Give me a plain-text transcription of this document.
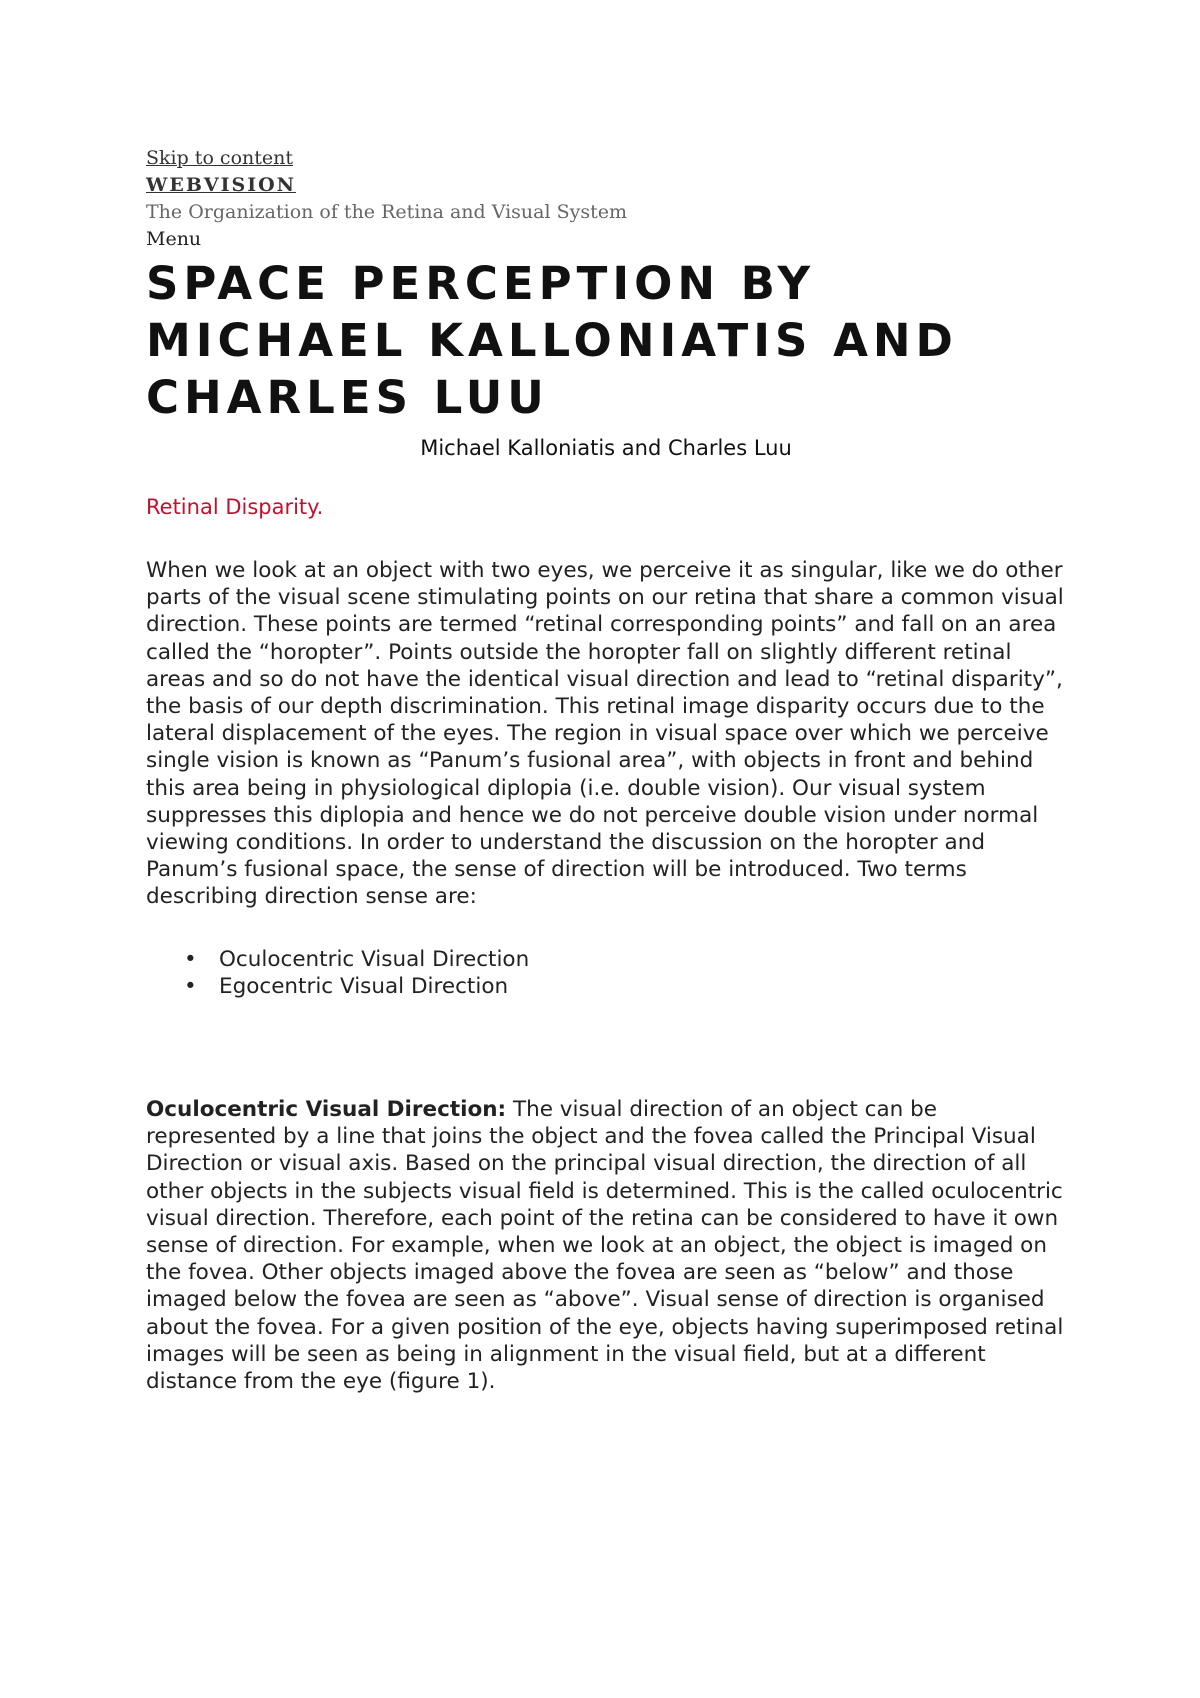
Skip to content
WEBVISION
The Organization of the Retina and Visual System
Menu
SPACE PERCEPTION BY MICHAEL KALLONIATIS AND CHARLES LUU
Michael Kalloniatis and Charles Luu
Retinal Disparity.

When we look at an object with two eyes, we perceive it as singular, like we do other parts of the visual scene stimulating points on our retina that share a common visual direction. These points are termed “retinal corresponding points” and fall on an area called the “horopter”. Points outside the horopter fall on slightly different retinal areas and so do not have the identical visual direction and lead to “retinal disparity”, the basis of our depth discrimination. This retinal image disparity occurs due to the lateral displacement of the eyes. The region in visual space over which we perceive single vision is known as “Panum’s fusional area”, with objects in front and behind this area being in physiological diplopia (i.e. double vision). Our visual system suppresses this diplopia and hence we do not perceive double vision under normal viewing conditions. In order to understand the discussion on the horopter and Panum’s fusional space, the sense of direction will be introduced. Two terms describing direction sense are:

•	Oculocentric Visual Direction
•	Egocentric Visual Direction

Oculocentric Visual Direction: The visual direction of an object can be represented by a line that joins the object and the fovea called the Principal Visual Direction or visual axis. Based on the principal visual direction, the direction of all other objects in the subjects visual field is determined. This is the called oculocentric visual direction. Therefore, each point of the retina can be considered to have it own sense of direction. For example, when we look at an object, the object is imaged on the fovea. Other objects imaged above the fovea are seen as “below” and those imaged below the fovea are seen as “above”. Visual sense of direction is organised about the fovea. For a given position of the eye, objects having superimposed retinal images will be seen as being in alignment in the visual field, but at a different distance from the eye (figure 1).
